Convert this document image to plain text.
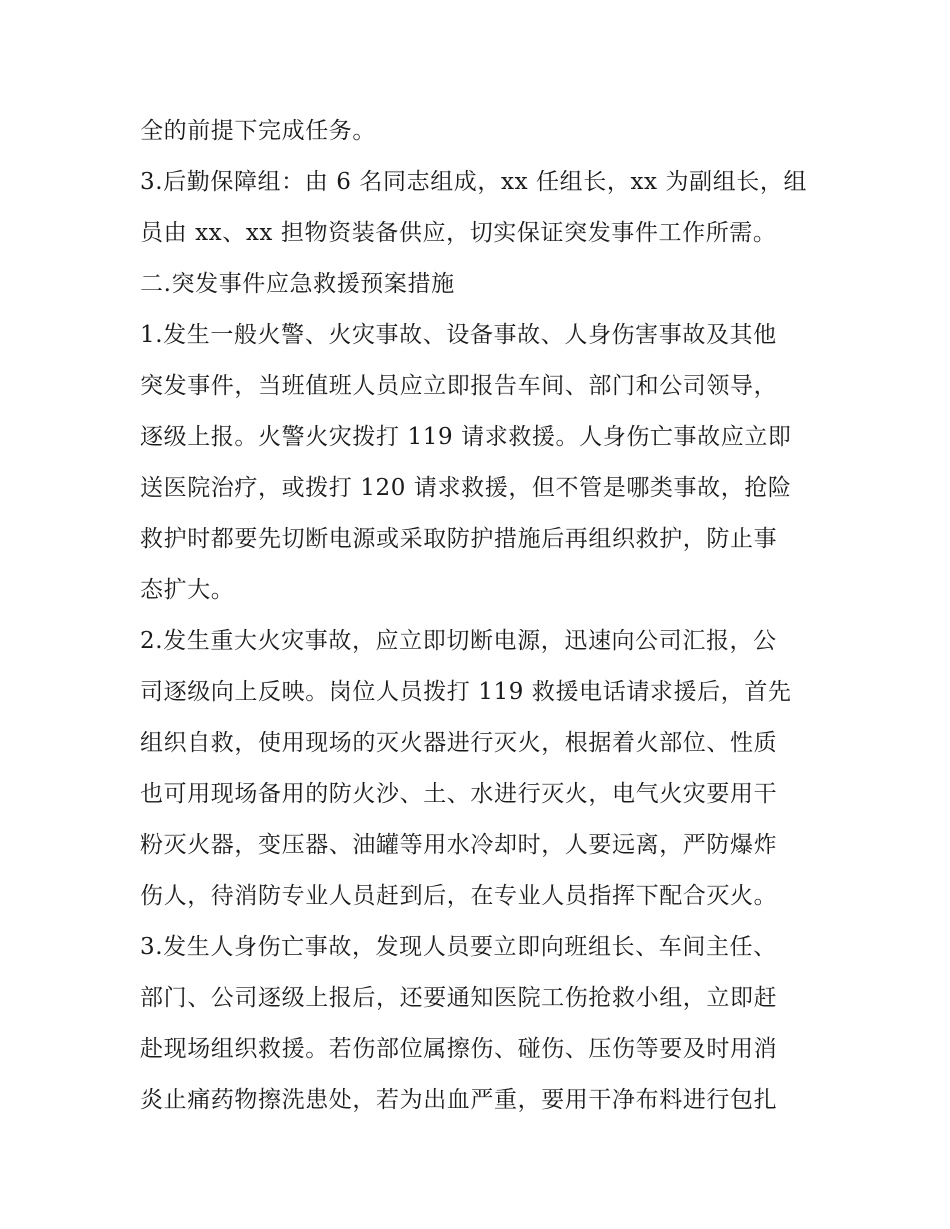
全的前提下完成任务。
3.后勤保障组：由 6 名同志组成，xx 任组长，xx 为副组长，组
员由 xx、xx 担物资装备供应，切实保证突发事件工作所需。
二.突发事件应急救援预案措施
1.发生一般火警、火灾事故、设备事故、人身伤害事故及其他
突发事件，当班值班人员应立即报告车间、部门和公司领导，
逐级上报。火警火灾拨打 119 请求救援。人身伤亡事故应立即
送医院治疗，或拨打 120 请求救援，但不管是哪类事故，抢险
救护时都要先切断电源或采取防护措施后再组织救护，防止事
态扩大。
2.发生重大火灾事故，应立即切断电源，迅速向公司汇报，公
司逐级向上反映。岗位人员拨打 119 救援电话请求援后，首先
组织自救，使用现场的灭火器进行灭火，根据着火部位、性质
也可用现场备用的防火沙、土、水进行灭火，电气火灾要用干
粉灭火器，变压器、油罐等用水冷却时，人要远离，严防爆炸
伤人，待消防专业人员赶到后，在专业人员指挥下配合灭火。
3.发生人身伤亡事故，发现人员要立即向班组长、车间主任、
部门、公司逐级上报后，还要通知医院工伤抢救小组，立即赶
赴现场组织救援。若伤部位属擦伤、碰伤、压伤等要及时用消
炎止痛药物擦洗患处，若为出血严重，要用干净布料进行包扎
